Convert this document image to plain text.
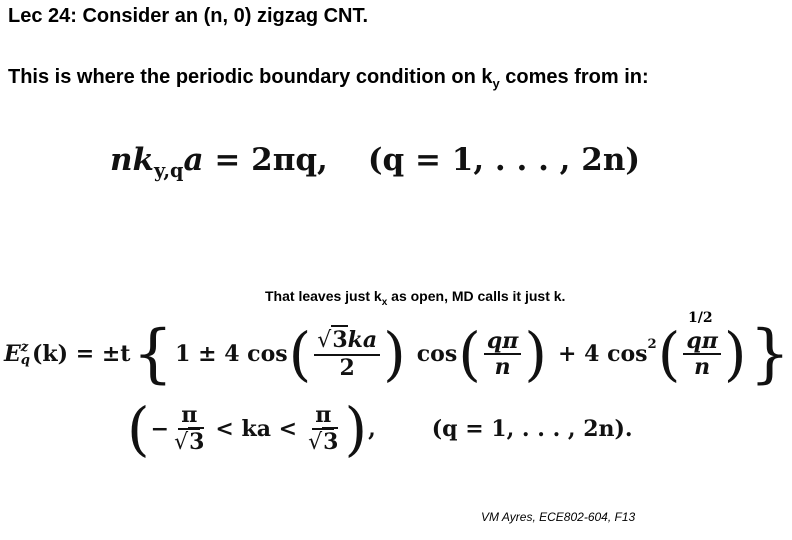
Lec 24: Consider an (n, 0) zigzag CNT.
This is where the periodic boundary condition on $k_y$ comes from in:
$nk_{y,q}a = 2\pi q$, (q = 1, . . . , 2n)
That leaves just $k_x$ as open, MD calls it just k.
E z
q (k) = ±t { 1 ± 4 cos ( $\frac{√3ka}{2}$ ) cos ( $\frac{q\pi}{n}$ ) + 4 cos 2 ( $\frac{q\pi}{n}$ ) }
1/2
( − $\frac{\pi}{√3}$ < ka < $\frac{\pi}{√3}$ ) ,	(q = 1, . . . , 2n).
VM Ayres, ECE802-604, F13
